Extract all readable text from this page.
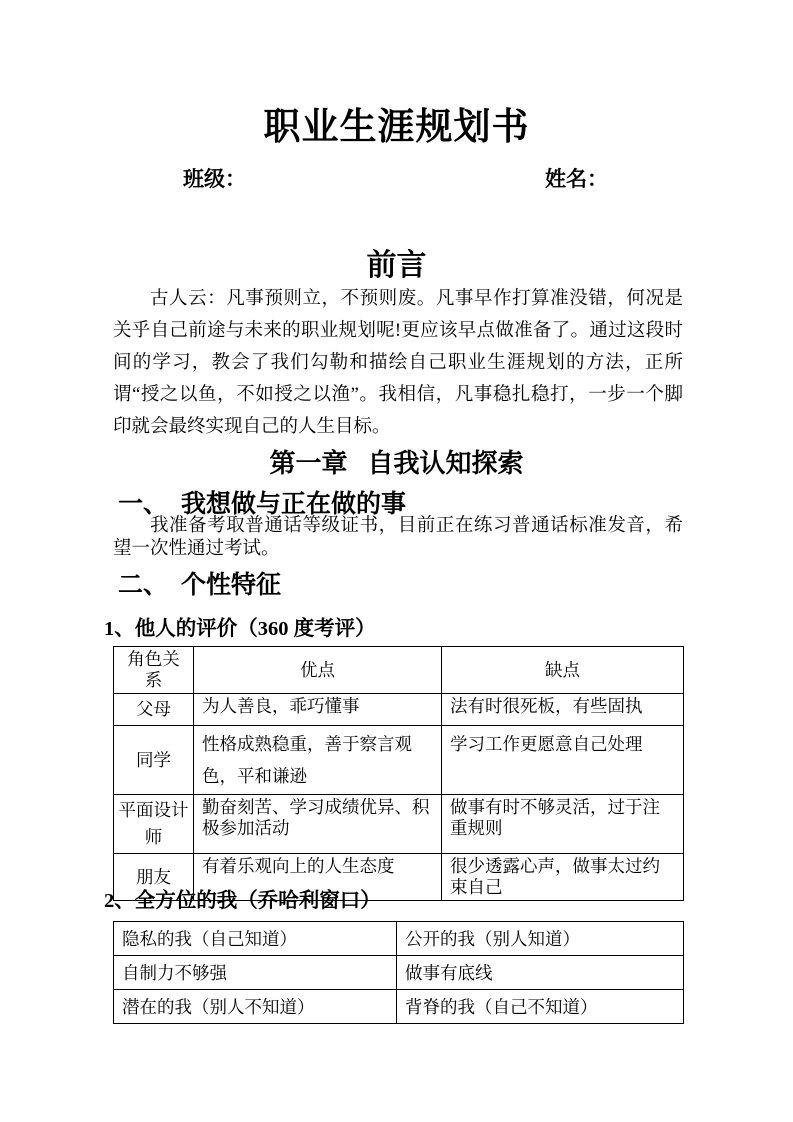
职业生涯规划书
班级：	姓名：
前言
古人云：凡事预则立，不预则废。凡事早作打算准没错，何况是关乎自己前途与未来的职业规划呢!更应该早点做准备了。通过这段时间的学习，教会了我们勾勒和描绘自己职业生涯规划的方法，正所谓“授之以鱼，不如授之以渔”。我相信，凡事稳扎稳打，一步一个脚印就会最终实现自己的人生目标。
第一章 自我认知探索
一、 我想做与正在做的事
我准备考取普通话等级证书，目前正在练习普通话标准发音，希望一次性通过考试。
二、 个性特征
1、他人的评价（360 度考评）
角色关系	优点	缺点
父母	为人善良，乖巧懂事	法有时很死板，有些固执
同学	性格成熟稳重，善于察言观色，平和谦逊	学习工作更愿意自己处理
平面设计师	勤奋刻苦、学习成绩优异、积极参加活动	做事有时不够灵活，过于注重规则
朋友	有着乐观向上的人生态度	很少透露心声，做事太过约束自己
2、全方位的我（乔哈利窗口）
隐私的我（自己知道）	公开的我（别人知道）
自制力不够强	做事有底线
潜在的我（别人不知道）	背脊的我（自己不知道）
